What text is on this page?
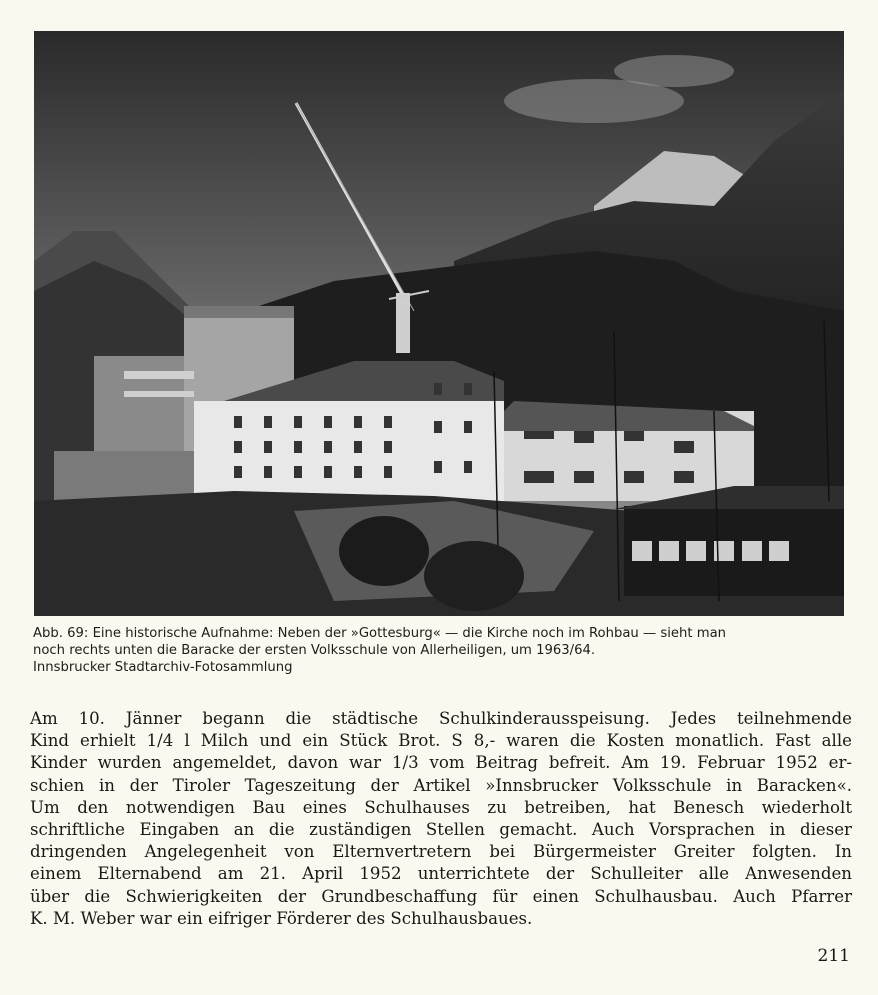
Abb. 69: Eine historische Aufnahme: Neben der »Gottesburg« — die Kirche noch im Rohbau — sieht man

noch rechts unten die Baracke der ersten Volksschule von Allerheiligen, um 1963/64.

Innsbrucker Stadtarchiv-Fotosammlung

Am 10. Jänner begann die städtische Schulkinderausspeisung. Jedes teilnehmende

Kind erhielt 1/4 l Milch und ein Stück Brot. S 8,- waren die Kosten monatlich. Fast alle

Kinder wurden angemeldet, davon war 1/3 vom Beitrag befreit. Am 19. Februar 1952 er-

schien in der Tiroler Tageszeitung der Artikel »Innsbrucker Volksschule in Baracken«.

Um den notwendigen Bau eines Schulhauses zu betreiben, hat Benesch wiederholt

schriftliche Eingaben an die zuständigen Stellen gemacht. Auch Vorsprachen in dieser

dringenden Angelegenheit von Elternvertretern bei Bürgermeister Greiter folgten. In

einem Elternabend am 21. April 1952 unterrichtete der Schulleiter alle Anwesenden

über die Schwierigkeiten der Grundbeschaffung für einen Schulhausbau. Auch Pfarrer

K. M. Weber war ein eifriger Förderer des Schulhausbaues.

211
